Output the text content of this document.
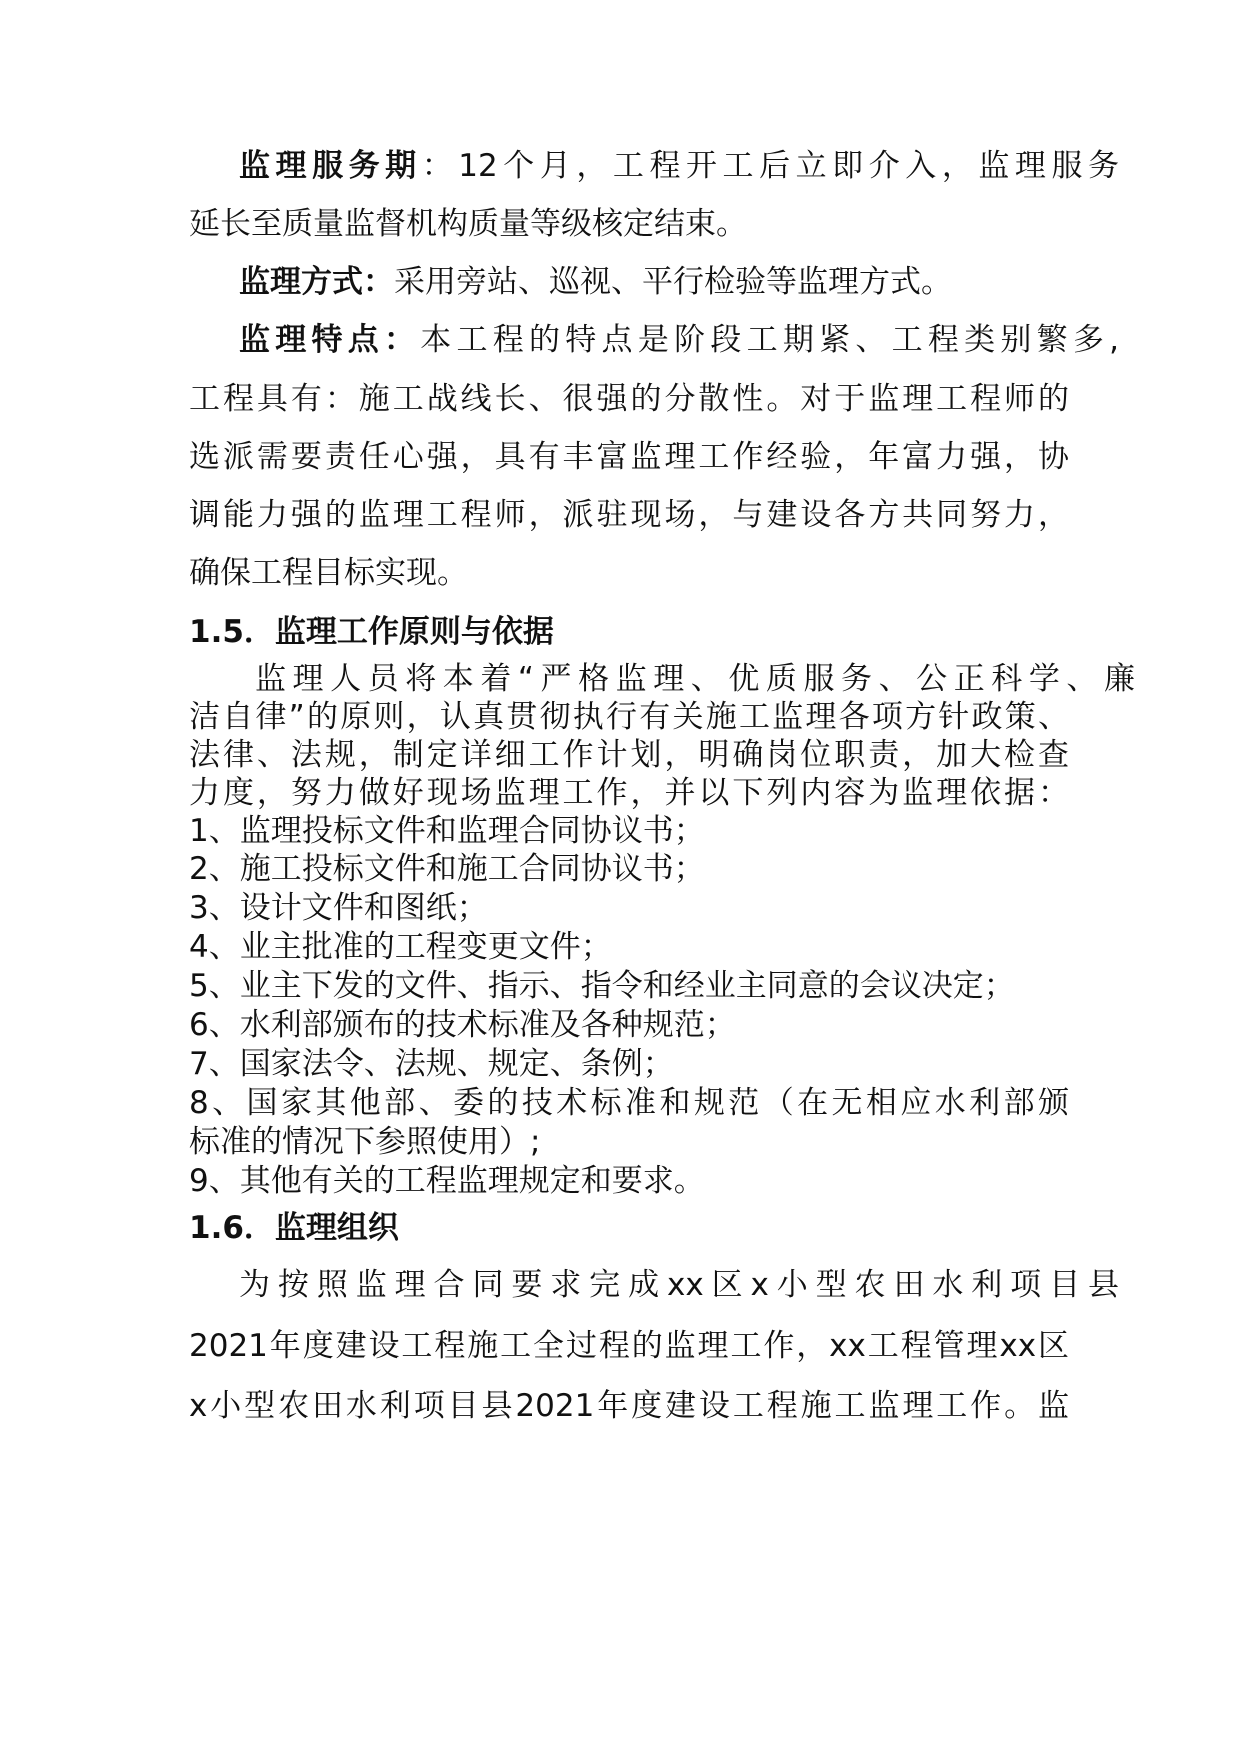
监理服务期：12个月，工程开工后立即介入，监理服务
延长至质量监督机构质量等级核定结束。
监理方式：采用旁站、巡视、平行检验等监理方式。
监理特点：本工程的特点是阶段工期紧、工程类别繁多,
工程具有：施工战线长、很强的分散性。对于监理工程师的
选派需要责任心强，具有丰富监理工作经验，年富力强，协
调能力强的监理工程师，派驻现场，与建设各方共同努力，
确保工程目标实现。
1.5．监理工作原则与依据
监理人员将本着“严格监理、优质服务、公正科学、廉
洁自律”的原则，认真贯彻执行有关施工监理各项方针政策、
法律、法规，制定详细工作计划，明确岗位职责，加大检查
力度，努力做好现场监理工作，并以下列内容为监理依据：
1、监理投标文件和监理合同协议书；
2、施工投标文件和施工合同协议书；
3、设计文件和图纸；
4、业主批准的工程变更文件；
5、业主下发的文件、指示、指令和经业主同意的会议决定；
6、水利部颁布的技术标准及各种规范；
7、国家法令、法规、规定、条例；
8、国家其他部、委的技术标准和规范（在无相应水利部颁
标准的情况下参照使用）;
9、其他有关的工程监理规定和要求。
1.6．监理组织
为按照监理合同要求完成xx区x小型农田水利项目县
2021年度建设工程施工全过程的监理工作，xx工程管理xx区
x小型农田水利项目县2021年度建设工程施工监理工作。监
